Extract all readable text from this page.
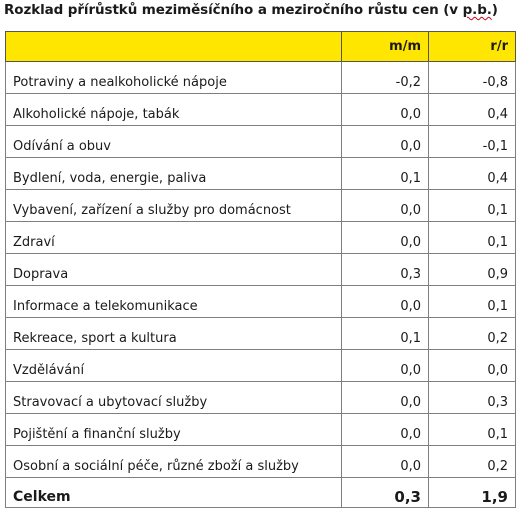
Rozklad přírůstků meziměsíčního a meziročního růstu cen (v p.b.)
	m/m	r/r
Potraviny a nealkoholické nápoje	-0,2	-0,8
Alkoholické nápoje, tabák	0,0	0,4
Odívání a obuv	0,0	-0,1
Bydlení, voda, energie, paliva	0,1	0,4
Vybavení, zařízení a služby pro domácnost	0,0	0,1
Zdraví	0,0	0,1
Doprava	0,3	0,9
Informace a telekomunikace	0,0	0,1
Rekreace, sport a kultura	0,1	0,2
Vzdělávání	0,0	0,0
Stravovací a ubytovací služby	0,0	0,3
Pojištění a finanční služby	0,0	0,1
Osobní a sociální péče, různé zboží a služby	0,0	0,2
Celkem	0,3	1,9
